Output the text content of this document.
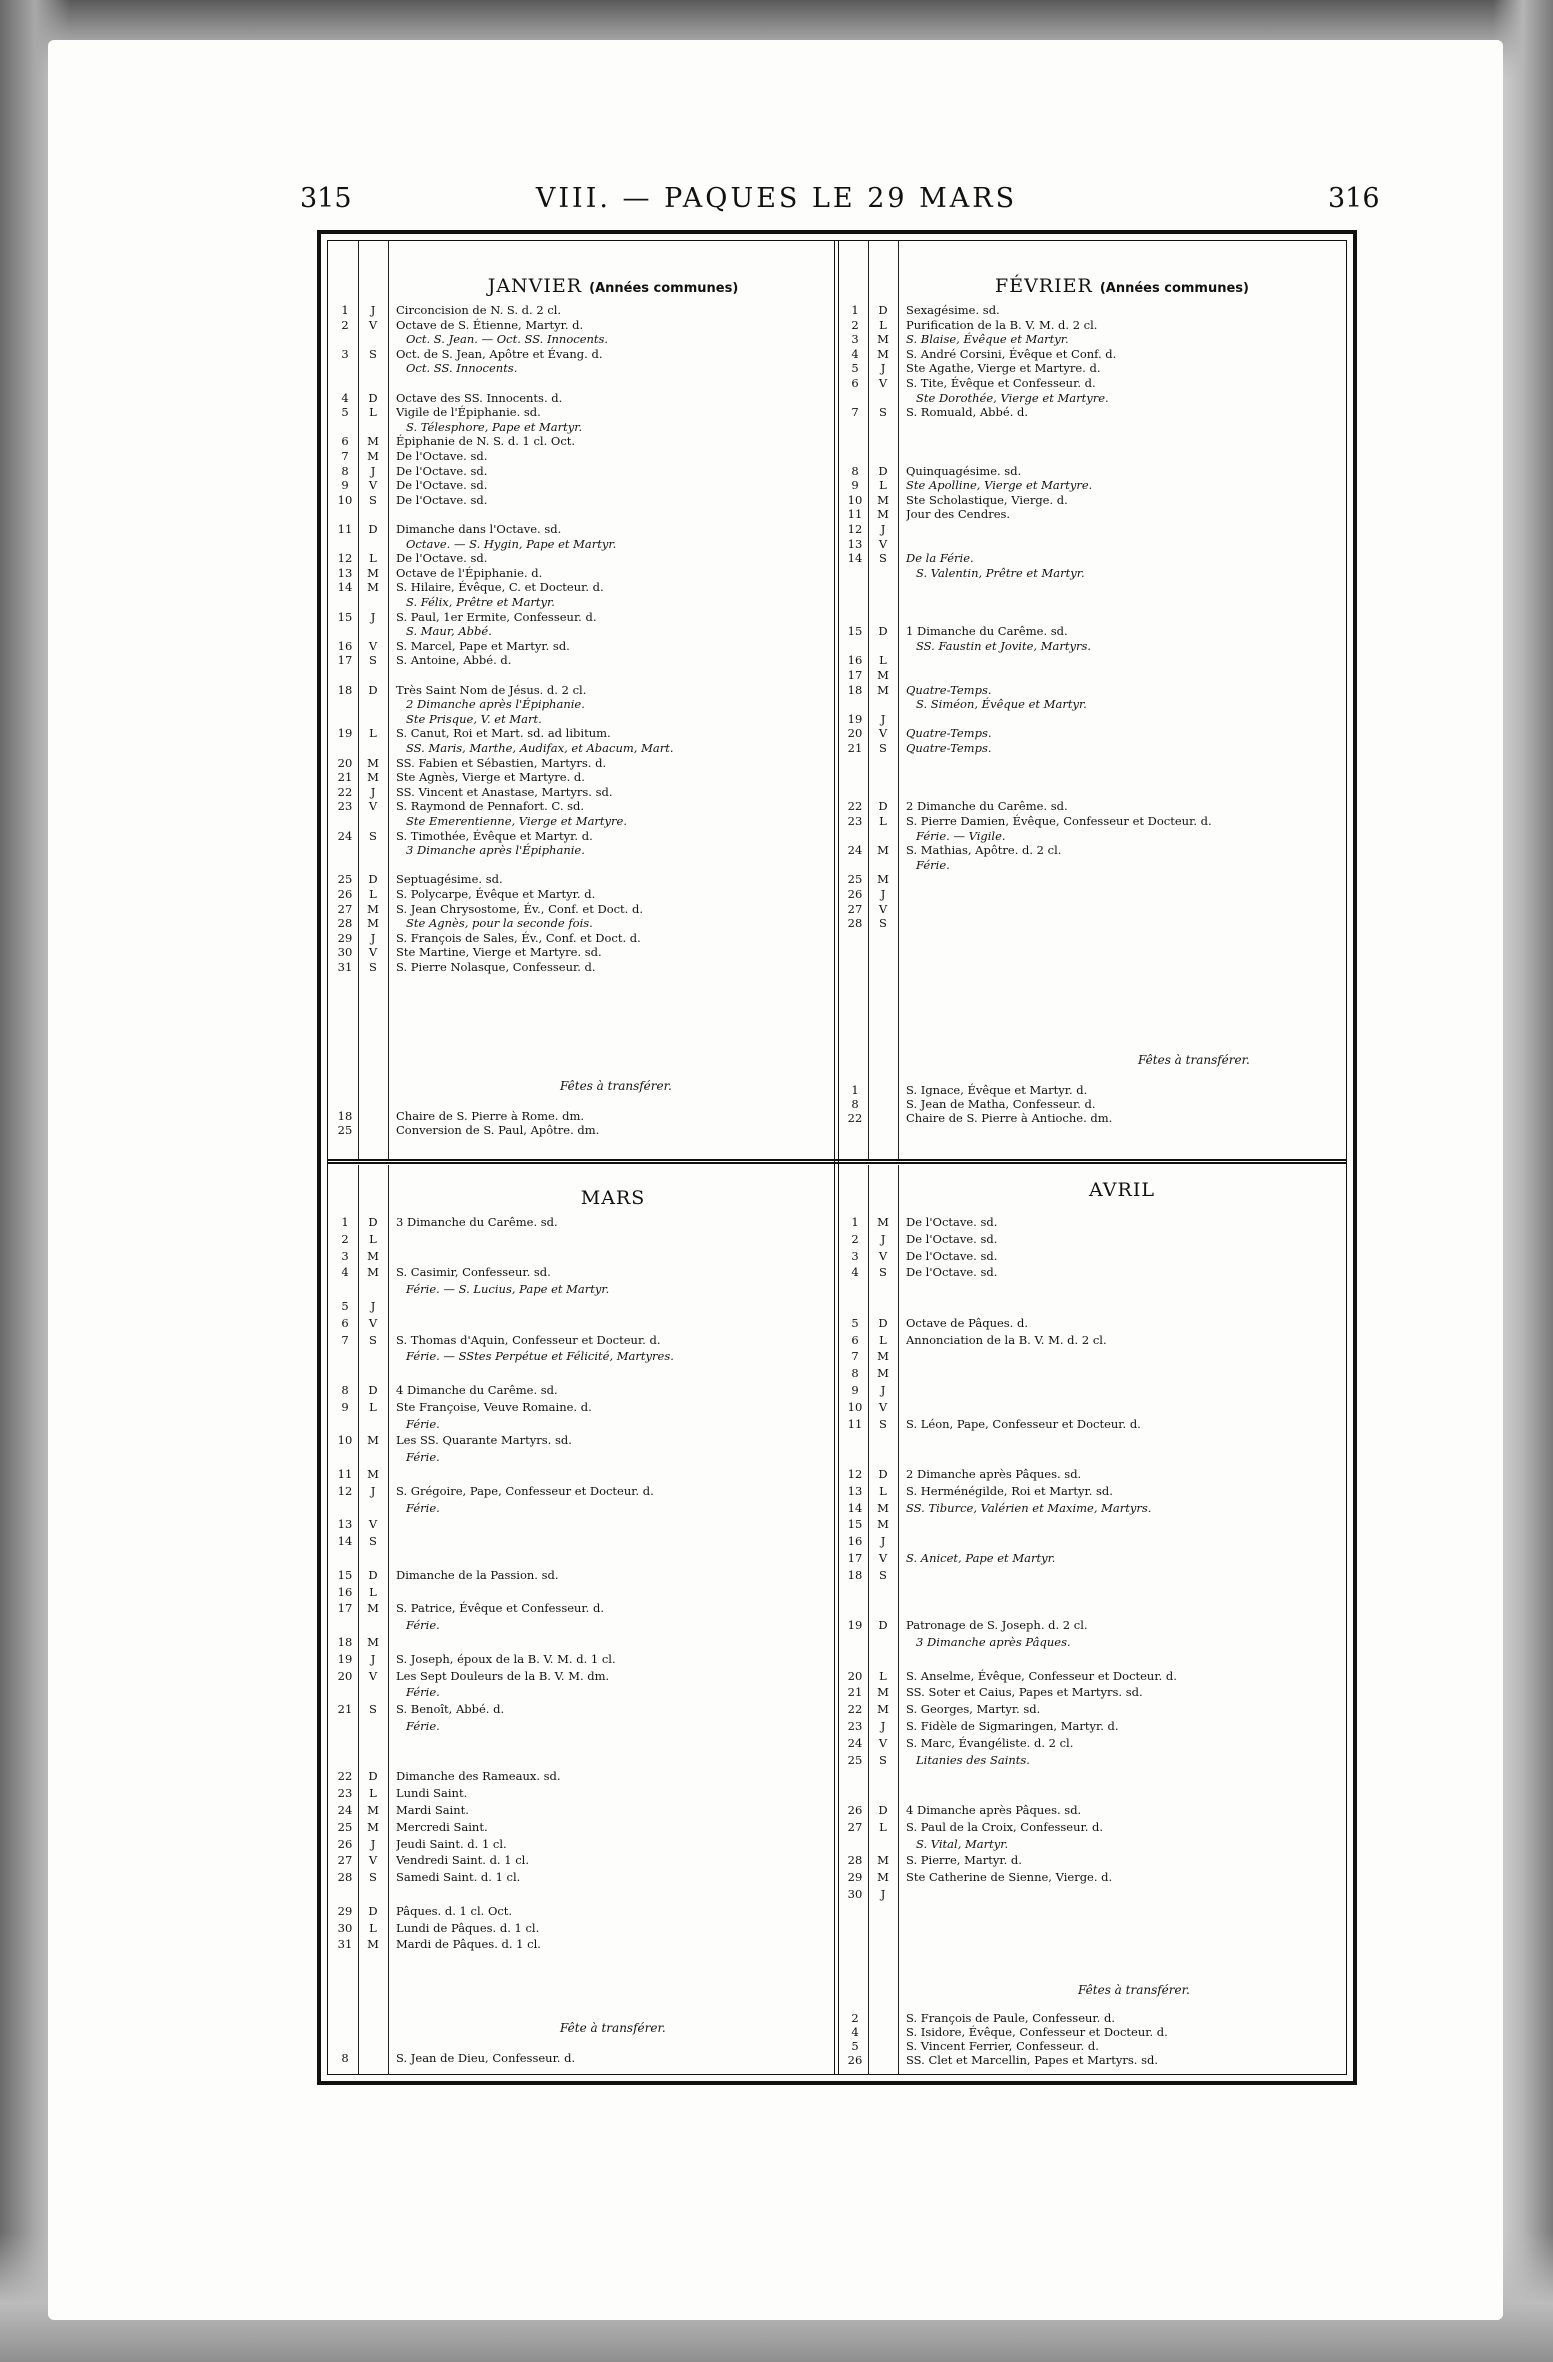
315	VIII. — PAQUES LE 29 MARS	316
JANVIER (Années communes)
1	J	Circoncision de N. S. d. 2 cl.
2	V	Octave de S. Étienne, Martyr. d.
Oct. S. Jean. — Oct. SS. Innocents.
3	S	Oct. de S. Jean, Apôtre et Évang. d.
Oct. SS. Innocents.
4	D	Octave des SS. Innocents. d.
5	L	Vigile de l'Épiphanie. sd.
S. Télesphore, Pape et Martyr.
6	M	Épiphanie de N. S. d. 1 cl. Oct.
7	M	De l'Octave. sd.
8	J	De l'Octave. sd.
9	V	De l'Octave. sd.
10	S	De l'Octave. sd.
11	D	Dimanche dans l'Octave. sd.
Octave. — S. Hygin, Pape et Martyr.
12	L	De l'Octave. sd.
13	M	Octave de l'Épiphanie. d.
14	M	S. Hilaire, Évêque, C. et Docteur. d.
S. Félix, Prêtre et Martyr.
15	J	S. Paul, 1er Ermite, Confesseur. d.
S. Maur, Abbé.
16	V	S. Marcel, Pape et Martyr. sd.
17	S	S. Antoine, Abbé. d.
18	D	Très Saint Nom de Jésus. d. 2 cl.
2 Dimanche après l'Épiphanie.
Ste Prisque, V. et Mart.
19	L	S. Canut, Roi et Mart. sd. ad libitum.
SS. Maris, Marthe, Audifax, et Abacum, Mart.
20	M	SS. Fabien et Sébastien, Martyrs. d.
21	M	Ste Agnès, Vierge et Martyre. d.
22	J	SS. Vincent et Anastase, Martyrs. sd.
23	V	S. Raymond de Pennafort. C. sd.
Ste Emerentienne, Vierge et Martyre.
24	S	S. Timothée, Évêque et Martyr. d.
3 Dimanche après l'Épiphanie.
25	D	Septuagésime. sd.
26	L	S. Polycarpe, Évêque et Martyr. d.
27	M	S. Jean Chrysostome, Év., Conf. et Doct. d.
28	M	Ste Agnès, pour la seconde fois.
29	J	S. François de Sales, Év., Conf. et Doct. d.
30	V	Ste Martine, Vierge et Martyre. sd.
31	S	S. Pierre Nolasque, Confesseur. d.
Fêtes à transférer.
18	Chaire de S. Pierre à Rome. dm.
25	Conversion de S. Paul, Apôtre. dm.
FÉVRIER (Années communes)
1	D	Sexagésime. sd.
2	L	Purification de la B. V. M. d. 2 cl.
3	M	S. Blaise, Évêque et Martyr.
4	M	S. André Corsini, Évêque et Conf. d.
5	J	Ste Agathe, Vierge et Martyre. d.
6	V	S. Tite, Évêque et Confesseur. d.
Ste Dorothée, Vierge et Martyre.
7	S	S. Romuald, Abbé. d.
8	D	Quinquagésime. sd.
9	L	Ste Apolline, Vierge et Martyre.
10	M	Ste Scholastique, Vierge. d.
11	M	Jour des Cendres.
12	J
13	V
14	S	De la Férie.
S. Valentin, Prêtre et Martyr.
15	D	1 Dimanche du Carême. sd.
SS. Faustin et Jovite, Martyrs.
16	L
17	M
18	M	Quatre-Temps.
S. Siméon, Évêque et Martyr.
19	J
20	V	Quatre-Temps.
21	S	Quatre-Temps.
22	D	2 Dimanche du Carême. sd.
23	L	S. Pierre Damien, Évêque, Confesseur et Docteur. d.
Férie. — Vigile.
24	M	S. Mathias, Apôtre. d. 2 cl.
Férie.
25	M
26	J
27	V
28	S
Fêtes à transférer.
1	S. Ignace, Évêque et Martyr. d.
8	S. Jean de Matha, Confesseur. d.
22	Chaire de S. Pierre à Antioche. dm.
MARS
1	D	3 Dimanche du Carême. sd.
2	L
3	M
4	M	S. Casimir, Confesseur. sd.
Férie. — S. Lucius, Pape et Martyr.
5	J
6	V
7	S	S. Thomas d'Aquin, Confesseur et Docteur. d.
Férie. — SStes Perpétue et Félicité, Martyres.
8	D	4 Dimanche du Carême. sd.
9	L	Ste Françoise, Veuve Romaine. d.
Férie.
10	M	Les SS. Quarante Martyrs. sd.
Férie.
11	M
12	J	S. Grégoire, Pape, Confesseur et Docteur. d.
Férie.
13	V
14	S
15	D	Dimanche de la Passion. sd.
16	L
17	M	S. Patrice, Évêque et Confesseur. d.
Férie.
18	M
19	J	S. Joseph, époux de la B. V. M. d. 1 cl.
20	V	Les Sept Douleurs de la B. V. M. dm.
Férie.
21	S	S. Benoît, Abbé. d.
Férie.
22	D	Dimanche des Rameaux. sd.
23	L	Lundi Saint.
24	M	Mardi Saint.
25	M	Mercredi Saint.
26	J	Jeudi Saint. d. 1 cl.
27	V	Vendredi Saint. d. 1 cl.
28	S	Samedi Saint. d. 1 cl.
29	D	Pâques. d. 1 cl. Oct.
30	L	Lundi de Pâques. d. 1 cl.
31	M	Mardi de Pâques. d. 1 cl.
Fête à transférer.
8	S. Jean de Dieu, Confesseur. d.
AVRIL
1	M	De l'Octave. sd.
2	J	De l'Octave. sd.
3	V	De l'Octave. sd.
4	S	De l'Octave. sd.
5	D	Octave de Pâques. d.
6	L	Annonciation de la B. V. M. d. 2 cl.
7	M
8	M
9	J
10	V
11	S	S. Léon, Pape, Confesseur et Docteur. d.
12	D	2 Dimanche après Pâques. sd.
13	L	S. Herménégilde, Roi et Martyr. sd.
14	M	SS. Tiburce, Valérien et Maxime, Martyrs.
15	M
16	J
17	V	S. Anicet, Pape et Martyr.
18	S
19	D	Patronage de S. Joseph. d. 2 cl.
3 Dimanche après Pâques.
20	L	S. Anselme, Évêque, Confesseur et Docteur. d.
21	M	SS. Soter et Caius, Papes et Martyrs. sd.
22	M	S. Georges, Martyr. sd.
23	J	S. Fidèle de Sigmaringen, Martyr. d.
24	V	S. Marc, Évangéliste. d. 2 cl.
25	S	Litanies des Saints.
26	D	4 Dimanche après Pâques. sd.
27	L	S. Paul de la Croix, Confesseur. d.
S. Vital, Martyr.
28	M	S. Pierre, Martyr. d.
29	M	Ste Catherine de Sienne, Vierge. d.
30	J
Fêtes à transférer.
2	S. François de Paule, Confesseur. d.
4	S. Isidore, Évêque, Confesseur et Docteur. d.
5	S. Vincent Ferrier, Confesseur. d.
26	SS. Clet et Marcellin, Papes et Martyrs. sd.
